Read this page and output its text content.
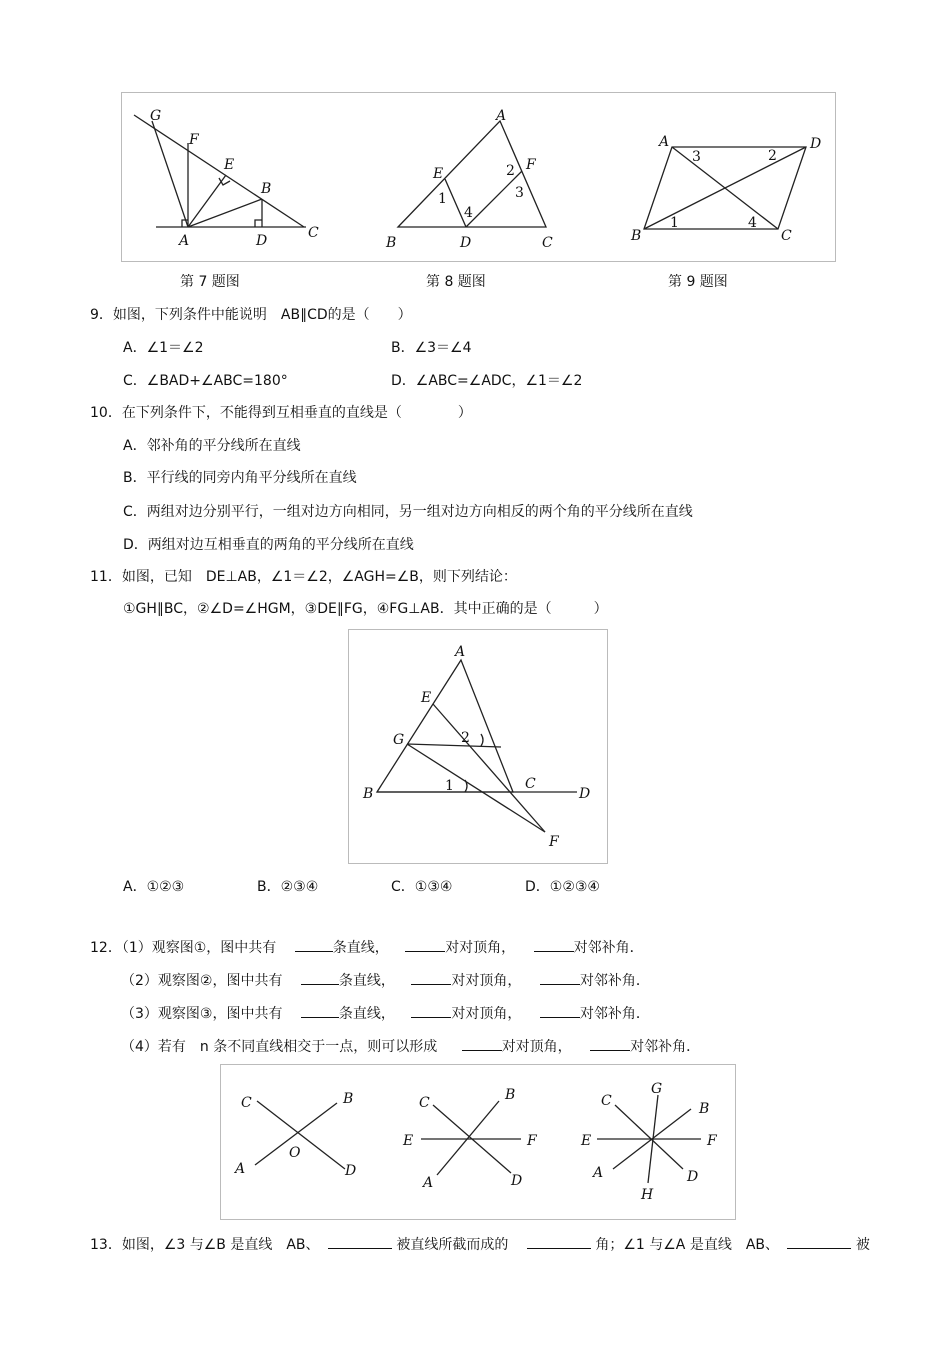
G
F
E
B
A	D	C
A
E
F
B	D	C
1
2
3
4
A	D
B	C
1
2
3
4
第 7 题图	第 8 题图	第 9 题图
9．如图，下列条件中能说明　AB∥CD的是（　　）
A．∠1＝∠2	B．∠3＝∠4
C．∠BAD+∠ABC=180°	D．∠ABC=∠ADC，∠1＝∠2
10．在下列条件下，不能得到互相垂直的直线是（　　　　）
A．邻补角的平分线所在直线
B．平行线的同旁内角平分线所在直线
C．两组对边分别平行，一组对边方向相同，另一组对边方向相反的两个角的平分线所在直线
D．两组对边互相垂直的两角的平分线所在直线
11．如图，已知　DE⊥AB，∠1＝∠2，∠AGH=∠B，则下列结论：
①GH∥BC，②∠D=∠HGM，③DE∥FG，④FG⊥AB．其中正确的是（　　　）
A
E
G	2
B	1	C
D
F
A．①②③	B．②③④	C．①③④	D．①②③④
12．（1）观察图①，图中共有	条直线，	对对顶角，	对邻补角．
（2）观察图②，图中共有	条直线，	对对顶角，	对邻补角．
（3）观察图③，图中共有	条直线，	对对顶角，	对邻补角．
（4）若有　n 条不同直线相交于一点，则可以形成	对对顶角，	对邻补角．
C	B
O
A	D
C	B
E	F
A	D
C
G
B
E	F
A	D
H
13．如图，∠3 与∠B 是直线　AB、	被直线所截而成的	角；∠1 与∠A 是直线　AB、	被
